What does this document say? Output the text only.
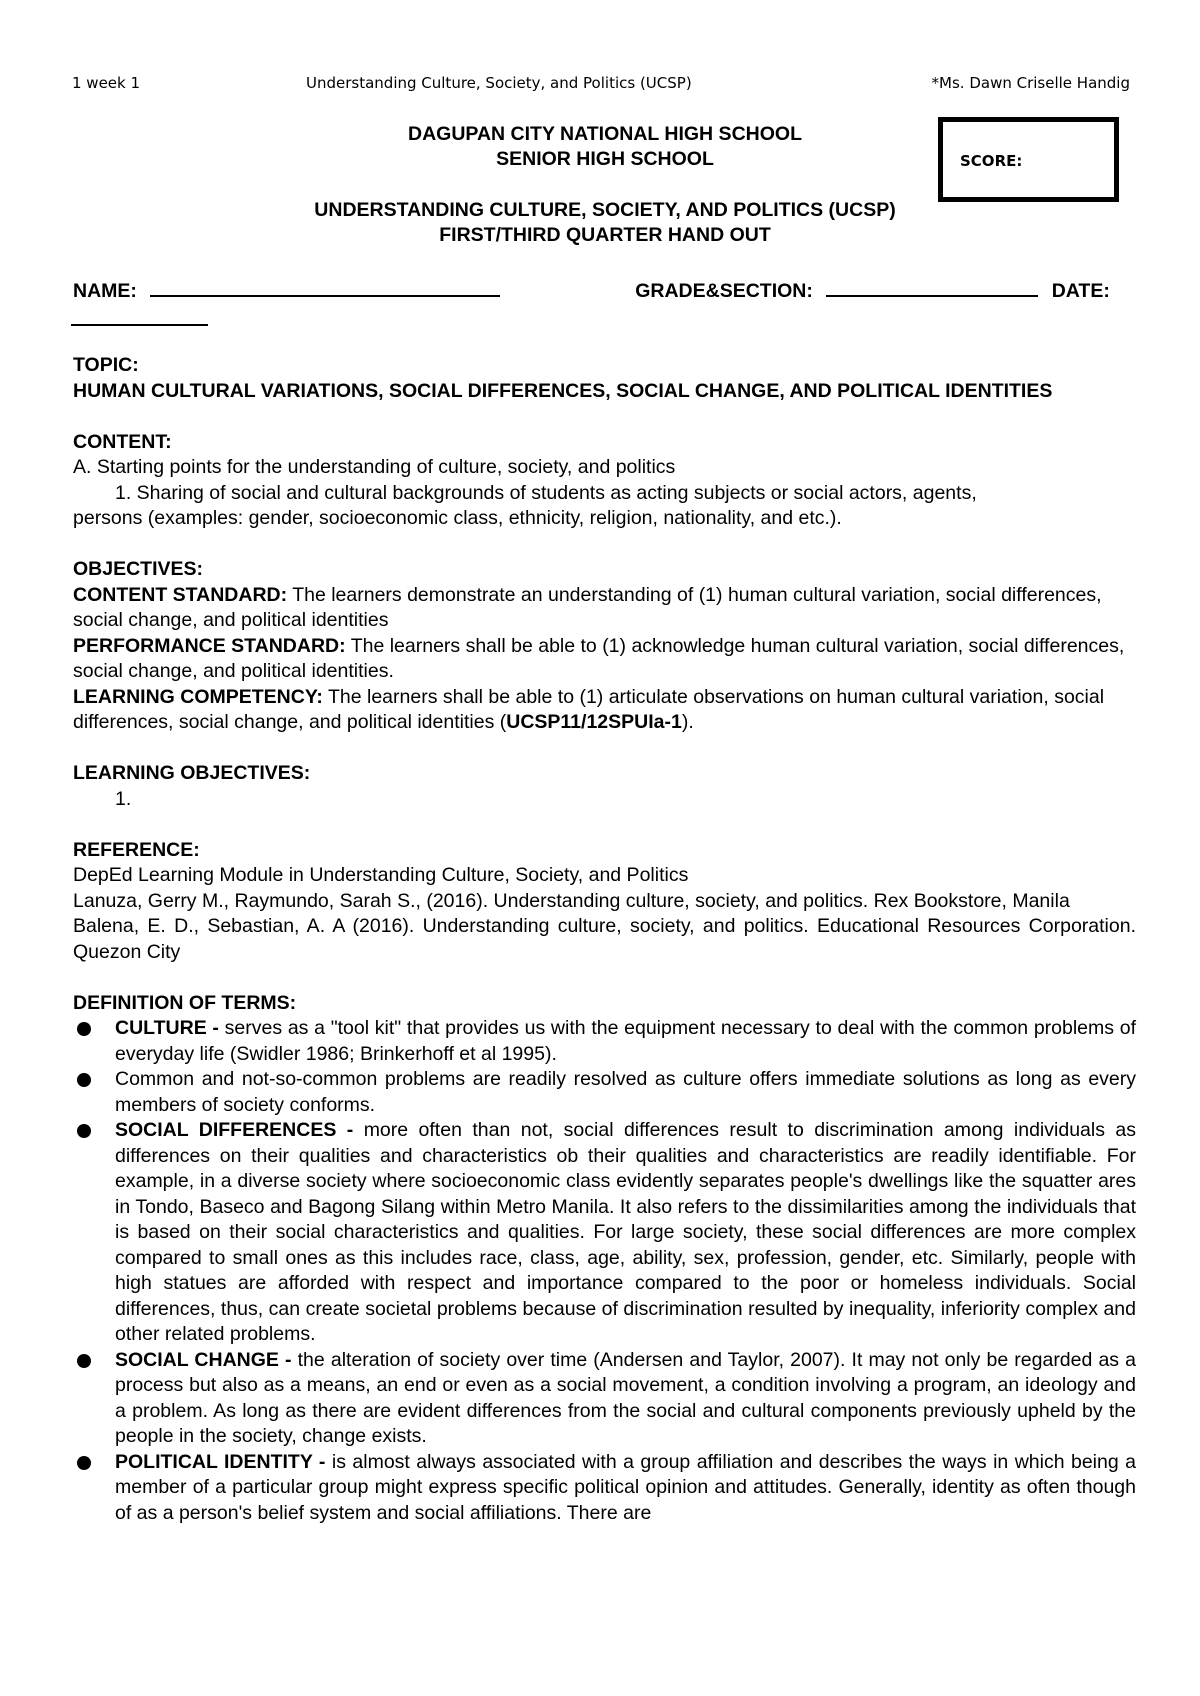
1 week 1	Understanding Culture, Society, and Politics (UCSP)	*Ms. Dawn Criselle Handig
SCORE:
DAGUPAN CITY NATIONAL HIGH SCHOOL
SENIOR HIGH SCHOOL
UNDERSTANDING CULTURE, SOCIETY, AND POLITICS (UCSP)
FIRST/THIRD QUARTER HAND OUT
NAME:	GRADE&SECTION:	DATE:
TOPIC:
HUMAN CULTURAL VARIATIONS, SOCIAL DIFFERENCES, SOCIAL CHANGE, AND POLITICAL IDENTITIES
CONTENT:
A. Starting points for the understanding of culture, society, and politics
1. Sharing of social and cultural backgrounds of students as acting subjects or social actors, agents,
persons (examples: gender, socioeconomic class, ethnicity, religion, nationality, and etc.).
OBJECTIVES:
CONTENT STANDARD: The learners demonstrate an understanding of (1) human cultural variation, social differences, social change, and political identities
PERFORMANCE STANDARD: The learners shall be able to (1) acknowledge human cultural variation, social differences, social change, and political identities.
LEARNING COMPETENCY: The learners shall be able to (1) articulate observations on human cultural variation, social differences, social change, and political identities (UCSP11/12SPUIa-1).
LEARNING OBJECTIVES:
1.
REFERENCE:
DepEd Learning Module in Understanding Culture, Society, and Politics
Lanuza, Gerry M., Raymundo, Sarah S., (2016). Understanding culture, society, and politics. Rex Bookstore, Manila
Balena, E. D., Sebastian, A. A (2016). Understanding culture, society, and politics. Educational Resources Corporation. Quezon City
DEFINITION OF TERMS:
CULTURE - serves as a "tool kit" that provides us with the equipment necessary to deal with the common problems of everyday life (Swidler 1986; Brinkerhoff et al 1995).
Common and not-so-common problems are readily resolved as culture offers immediate solutions as long as every members of society conforms.
SOCIAL DIFFERENCES - more often than not, social differences result to discrimination among individuals as differences on their qualities and characteristics ob their qualities and characteristics are readily identifiable. For example, in a diverse society where socioeconomic class evidently separates people's dwellings like the squatter ares in Tondo, Baseco and Bagong Silang within Metro Manila. It also refers to the dissimilarities among the individuals that is based on their social characteristics and qualities. For large society, these social differences are more complex compared to small ones as this includes race, class, age, ability, sex, profession, gender, etc. Similarly, people with high statues are afforded with respect and importance compared to the poor or homeless individuals. Social differences, thus, can create societal problems because of discrimination resulted by inequality, inferiority complex and other related problems.
SOCIAL CHANGE - the alteration of society over time (Andersen and Taylor, 2007). It may not only be regarded as a process but also as a means, an end or even as a social movement, a condition involving a program, an ideology and a problem. As long as there are evident differences from the social and cultural components previously upheld by the people in the society, change exists.
POLITICAL IDENTITY - is almost always associated with a group affiliation and describes the ways in which being a member of a particular group might express specific political opinion and attitudes. Generally, identity as often though of as a person's belief system and social affiliations. There are
